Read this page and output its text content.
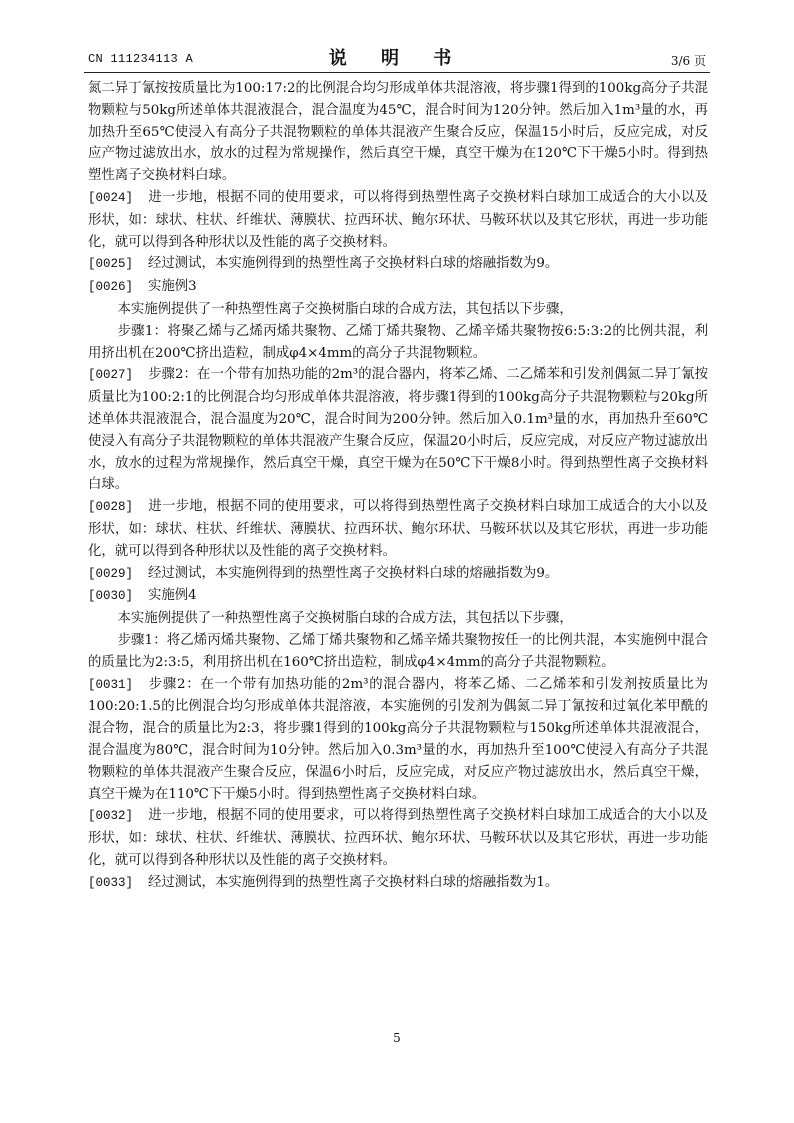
CN 111234113 A	说 明 书	3/6 页

氮二异丁氰按按质量比为100:17:2的比例混合均匀形成单体共混溶液，将步骤1得到的100kg高分子共混物颗粒与50kg所述单体共混液混合，混合温度为45℃，混合时间为120分钟。然后加入1m³量的水，再加热升至65℃使浸入有高分子共混物颗粒的单体共混液产生聚合反应，保温15小时后，反应完成，对反应产物过滤放出水，放水的过程为常规操作，然后真空干燥，真空干燥为在120℃下干燥5小时。得到热塑性离子交换材料白球。

[0024] 进一步地，根据不同的使用要求，可以将得到热塑性离子交换材料白球加工成适合的大小以及形状，如：球状、柱状、纤维状、薄膜状、拉西环状、鲍尔环状、马鞍环状以及其它形状，再进一步功能化，就可以得到各种形状以及性能的离子交换材料。

[0025] 经过测试，本实施例得到的热塑性离子交换材料白球的熔融指数为9。

[0026] 实施例3

本实施例提供了一种热塑性离子交换树脂白球的合成方法，其包括以下步骤，

步骤1：将聚乙烯与乙烯丙烯共聚物、乙烯丁烯共聚物、乙烯辛烯共聚物按6:5:3:2的比例共混，利用挤出机在200℃挤出造粒，制成φ4×4mm的高分子共混物颗粒。

[0027] 步骤2：在一个带有加热功能的2m³的混合器内，将苯乙烯、二乙烯苯和引发剂偶氮二异丁氰按质量比为100:2:1的比例混合均匀形成单体共混溶液，将步骤1得到的100kg高分子共混物颗粒与20kg所述单体共混液混合，混合温度为20℃，混合时间为200分钟。然后加入0.1m³量的水，再加热升至60℃使浸入有高分子共混物颗粒的单体共混液产生聚合反应，保温20小时后，反应完成，对反应产物过滤放出水，放水的过程为常规操作，然后真空干燥，真空干燥为在50℃下干燥8小时。得到热塑性离子交换材料白球。

[0028] 进一步地，根据不同的使用要求，可以将得到热塑性离子交换材料白球加工成适合的大小以及形状，如：球状、柱状、纤维状、薄膜状、拉西环状、鲍尔环状、马鞍环状以及其它形状，再进一步功能化，就可以得到各种形状以及性能的离子交换材料。

[0029] 经过测试，本实施例得到的热塑性离子交换材料白球的熔融指数为9。

[0030] 实施例4

本实施例提供了一种热塑性离子交换树脂白球的合成方法，其包括以下步骤，

步骤1：将乙烯丙烯共聚物、乙烯丁烯共聚物和乙烯辛烯共聚物按任一的比例共混，本实施例中混合的质量比为2:3:5，利用挤出机在160℃挤出造粒，制成φ4×4mm的高分子共混物颗粒。

[0031] 步骤2：在一个带有加热功能的2m³的混合器内，将苯乙烯、二乙烯苯和引发剂按质量比为100:20:1.5的比例混合均匀形成单体共混溶液，本实施例的引发剂为偶氮二异丁氰按和过氧化苯甲酰的混合物，混合的质量比为2:3，将步骤1得到的100kg高分子共混物颗粒与150kg所述单体共混液混合，混合温度为80℃，混合时间为10分钟。然后加入0.3m³量的水，再加热升至100℃使浸入有高分子共混物颗粒的单体共混液产生聚合反应，保温6小时后，反应完成，对反应产物过滤放出水，然后真空干燥，真空干燥为在110℃下干燥5小时。得到热塑性离子交换材料白球。

[0032] 进一步地，根据不同的使用要求，可以将得到热塑性离子交换材料白球加工成适合的大小以及形状，如：球状、柱状、纤维状、薄膜状、拉西环状、鲍尔环状、马鞍环状以及其它形状，再进一步功能化，就可以得到各种形状以及性能的离子交换材料。

[0033] 经过测试，本实施例得到的热塑性离子交换材料白球的熔融指数为1。

5
